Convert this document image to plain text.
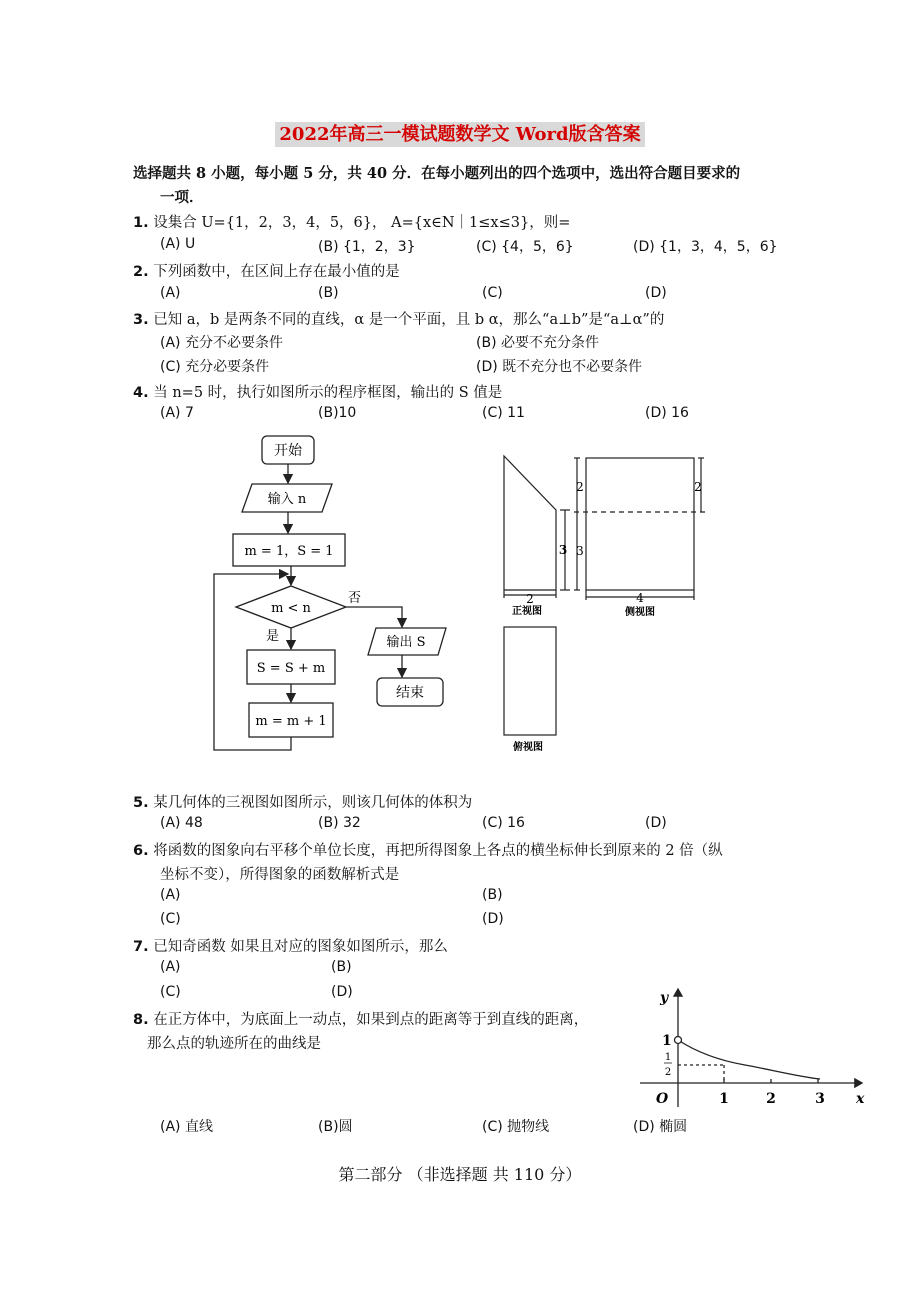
2022年高三一模试题数学文 Word版含答案
选择题共 8 小题，每小题 5 分，共 40 分．在每小题列出的四个选项中，选出符合题目要求的
一项．
1. 设集合 U={1，2，3，4，5，6}， A={x∈N｜1≤x≤3}，则=
(A) U	(B) {1，2，3}	(C) {4，5，6}	(D) {1，3，4，5，6}
2. 下列函数中，在区间上存在最小值的是
(A)	(B)	(C)	(D)
3. 已知 a，b 是两条不同的直线，α 是一个平面，且 b α，那么“a⊥b”是“a⊥α”的
(A) 充分不必要条件	(B) 必要不充分条件
(C) 充分必要条件	(D) 既不充分也不必要条件
4. 当 n=5 时，执行如图所示的程序框图，输出的 S 值是
(A) 7	(B)10	(C) 11	(D) 16
开始
输入 n
m = 1，S = 1
m < n
否
是
S = S + m
m = m + 1
输出 S
结束
2
3
2
3
2
4
正视图	侧视图
俯视图
5. 某几何体的三视图如图所示，则该几何体的体积为
(A) 48	(B) 32	(C) 16	(D)
6. 将函数的图象向右平移个单位长度，再把所得图象上各点的横坐标伸长到原来的 2 倍（纵
坐标不变），所得图象的函数解析式是
(A)	(B)
(C)	(D)
7. 已知奇函数 如果且对应的图象如图所示，那么
(A)	(B)
(C)	(D)
8. 在正方体中，为底面上一动点，如果到点的距离等于到直线的距离，
那么点的轨迹所在的曲线是
y
x
O
1
1
2
1	2	3
(A) 直线	(B)圆	(C) 抛物线	(D) 椭圆
第二部分 （非选择题 共 110 分）
